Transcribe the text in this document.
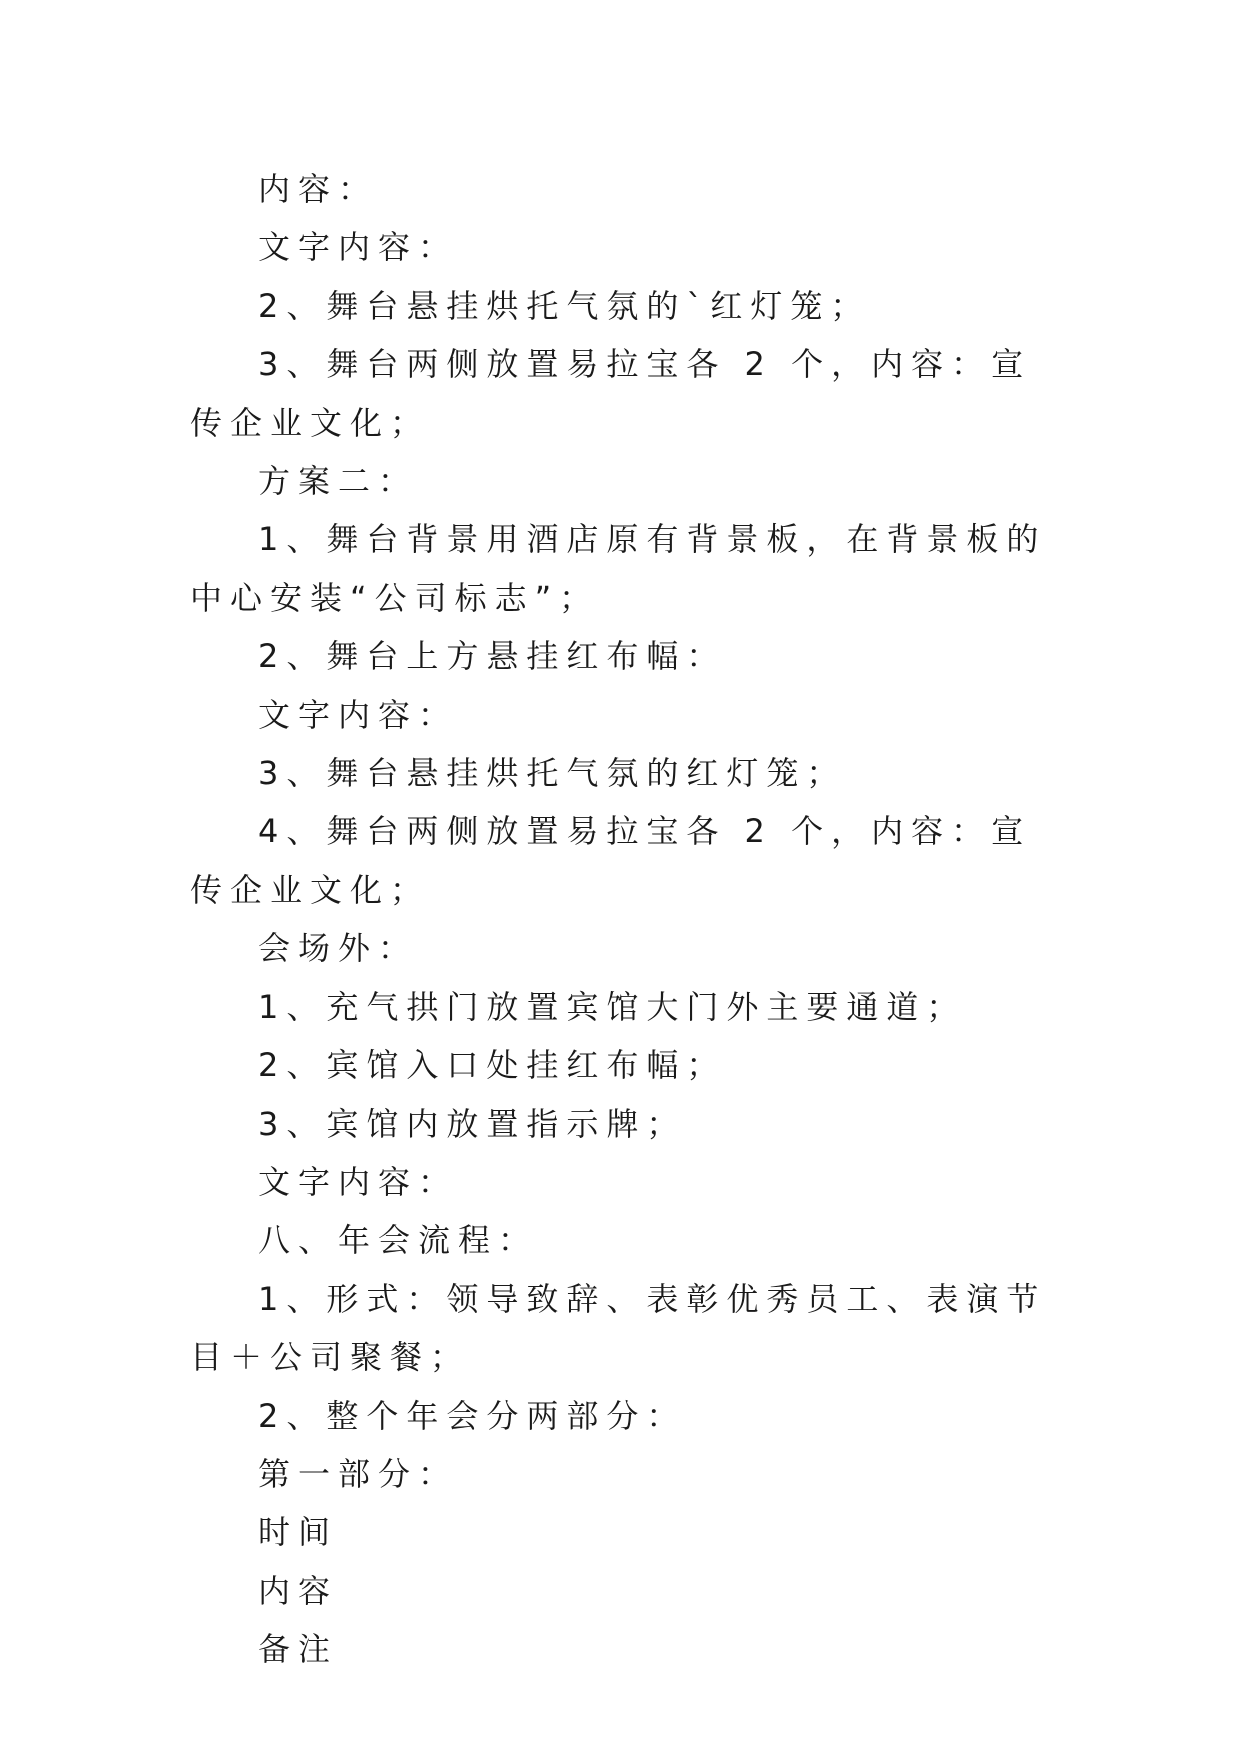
内容：

文字内容：

2、舞台悬挂烘托气氛的`红灯笼；

3、舞台两侧放置易拉宝各 2 个，内容：宣传企业文化；

方案二：

1、舞台背景用酒店原有背景板，在背景板的中心安装“公司标志”；

2、舞台上方悬挂红布幅：

文字内容：

3、舞台悬挂烘托气氛的红灯笼；

4、舞台两侧放置易拉宝各 2 个，内容：宣传企业文化；

会场外：

1、充气拱门放置宾馆大门外主要通道；

2、宾馆入口处挂红布幅；

3、宾馆内放置指示牌；

文字内容：

八、年会流程：

1、形式：领导致辞、表彰优秀员工、表演节目＋公司聚餐；

2、整个年会分两部分：

第一部分：

时间

内容

备注
